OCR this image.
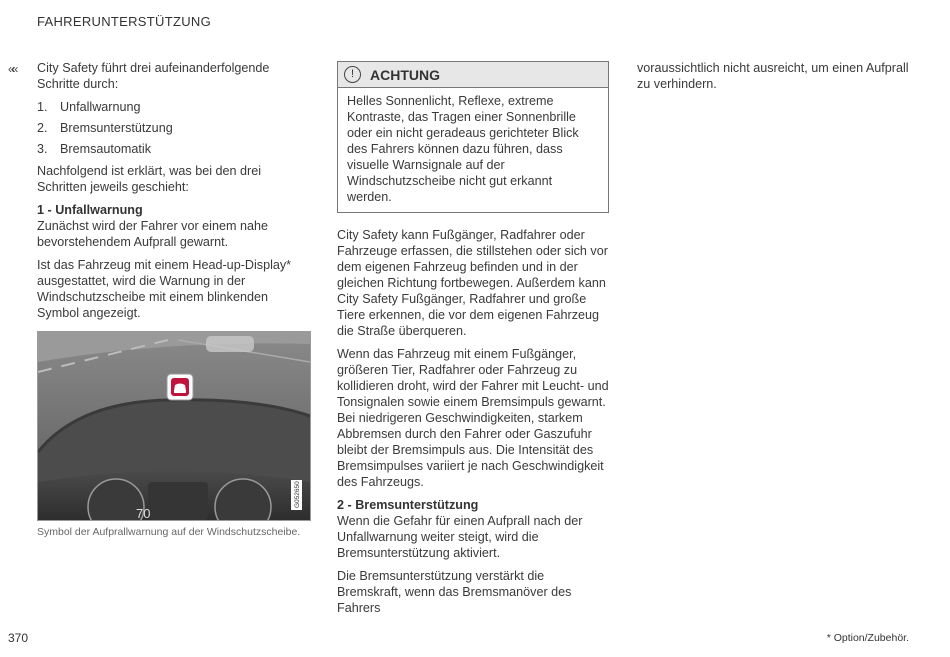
FAHRERUNTERSTÜTZUNG
«« City Safety führt drei aufeinanderfolgende Schritte durch:

1. Unfallwarnung
2. Bremsunterstützung
3. Bremsautomatik

Nachfolgend ist erklärt, was bei den drei Schritten jeweils geschieht:

1 - Unfallwarnung

Zunächst wird der Fahrer vor einem nahe bevorstehendem Aufprall gewarnt.

Ist das Fahrzeug mit einem Head-up-Display* ausgestattet, wird die Warnung in der Windschutzscheibe mit einem blinkenden Symbol angezeigt.

70
G052650
Symbol der Aufprallwarnung auf der Windschutzscheibe.
!	ACHTUNG
Helles Sonnenlicht, Reflexe, extreme Kontraste, das Tragen einer Sonnenbrille oder ein nicht geradeaus gerichteter Blick des Fahrers können dazu führen, dass visuelle Warnsignale auf der Windschutzscheibe nicht gut erkannt werden.

City Safety kann Fußgänger, Radfahrer oder Fahrzeuge erfassen, die stillstehen oder sich vor dem eigenen Fahrzeug befinden und in der gleichen Richtung fortbewegen. Außerdem kann City Safety Fußgänger, Radfahrer und große Tiere erkennen, die vor dem eigenen Fahrzeug die Straße überqueren.

Wenn das Fahrzeug mit einem Fußgänger, größeren Tier, Radfahrer oder Fahrzeug zu kollidieren droht, wird der Fahrer mit Leucht- und Tonsignalen sowie einem Bremsimpuls gewarnt. Bei niedrigeren Geschwindigkeiten, starkem Abbremsen durch den Fahrer oder Gaszufuhr bleibt der Bremsimpuls aus. Die Intensität des Bremsimpulses variiert je nach Geschwindigkeit des Fahrzeugs.

2 - Bremsunterstützung

Wenn die Gefahr für einen Aufprall nach der Unfallwarnung weiter steigt, wird die Bremsunterstützung aktiviert.

Die Bremsunterstützung verstärkt die Bremskraft, wenn das Bremsmanöver des Fahrers

voraussichtlich nicht ausreicht, um einen Aufprall zu verhindern.

370	* Option/Zubehör.
